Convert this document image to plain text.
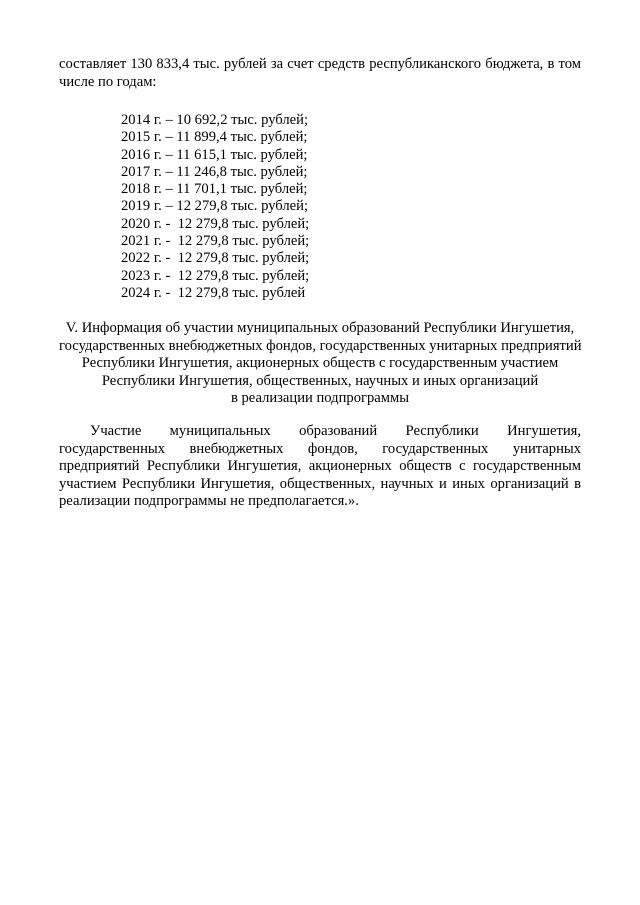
составляет 130 833,4 тыс. рублей за счет средств республиканского бюджета, в том числе по годам:

2014 г. – 10 692,2 тыс. рублей;
2015 г. – 11 899,4 тыс. рублей;
2016 г. – 11 615,1 тыс. рублей;
2017 г. – 11 246,8 тыс. рублей;
2018 г. – 11 701,1 тыс. рублей;
2019 г. – 12 279,8 тыс. рублей;
2020 г. -  12 279,8 тыс. рублей;
2021 г. -  12 279,8 тыс. рублей;
2022 г. -  12 279,8 тыс. рублей;
2023 г. -  12 279,8 тыс. рублей;
2024 г. -  12 279,8 тыс. рублей
V. Информация об участии муниципальных образований Республики Ингушетия,
государственных внебюджетных фондов, государственных унитарных предприятий
Республики Ингушетия, акционерных обществ с государственным участием
Республики Ингушетия, общественных, научных и иных организаций
в реализации подпрограммы

Участие муниципальных образований Республики Ингушетия, государственных внебюджетных фондов, государственных унитарных предприятий Республики Ингушетия, акционерных обществ с государственным участием Республики Ингушетия, общественных, научных и иных организаций в реализации подпрограммы не предполагается.».
